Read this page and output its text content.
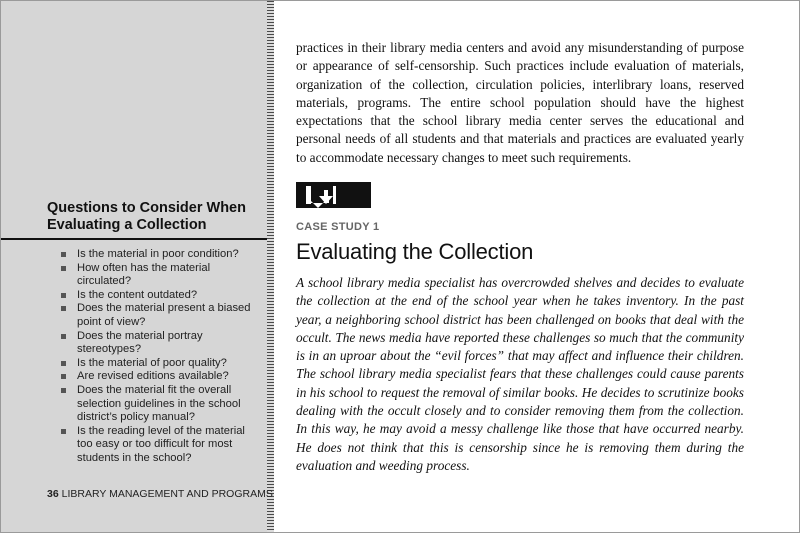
Questions to Consider When Evaluating a Collection
Is the material in poor condition?
How often has the material circulated?
Is the content outdated?
Does the material present a biased point of view?
Does the material portray stereotypes?
Is the material of poor quality?
Are revised editions available?
Does the material fit the overall selection guidelines in the school district’s policy manual?
Is the reading level of the material too easy or too difficult for most students in the school?
36 LIBRARY MANAGEMENT AND PROGRAMS

practices in their library media centers and avoid any misunderstanding of purpose or appearance of self-censorship. Such practices include evaluation of materials, organization of the collection, circulation policies, interlibrary loans, reserved materials, programs. The entire school population should have the highest expectations that the school library media center serves the educational and personal needs of all students and that materials and practices are evaluated yearly to accommodate necessary changes to meet such requirements.

CASE STUDY 1
Evaluating the Collection

A school library media specialist has overcrowded shelves and decides to evaluate the collection at the end of the school year when he takes inventory. In the past year, a neighboring school district has been challenged on books that deal with the occult. The news media have reported these challenges so much that the community is in an uproar about the “evil forces” that may affect and influence their children. The school library media specialist fears that these challenges could cause parents in his school to request the removal of similar books. He decides to scrutinize books dealing with the occult closely and to consider removing them from the collection. In this way, he may avoid a messy challenge like those that have occurred nearby. He does not think that this is censorship since he is removing them during the evaluation and weeding process.
